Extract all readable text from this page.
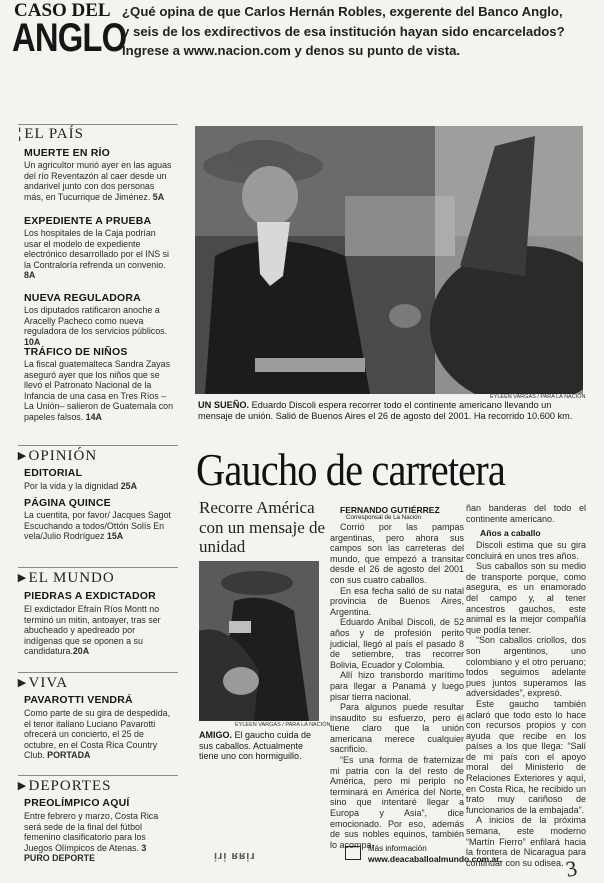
CASO DEL
ANGLO
¿Qué opina de que Carlos Hernán Robles, exgerente del Banco Anglo,
y seis de los exdirectivos de esa institución hayan sido encarcelados?
Ingrese a www.nacion.com y denos su punto de vista.
¦ EL PAÍS
MUERTE EN RÍO
Un agricultor murió ayer en las aguas del río Reventazón al caer desde un andarivel junto con dos personas más, en Tucurrique de Jiménez. 5A
EXPEDIENTE A PRUEBA
Los hospitales de la Caja podrían usar el modelo de expediente electrónico desarrollado por el INS si la Contraloría refrenda un convenio. 8A
NUEVA REGULADORA
Los diputados ratificaron anoche a Aracelly Pacheco como nueva reguladora de los servicios públicos. 10A
TRÁFICO DE NIÑOS
La fiscal guatemalteca Sandra Zayas aseguró ayer que los niños que se llevó el Patronato Nacional de la Infancia de una casa en Tres Ríos –La Unión– salieron de Guatemala con papeles falsos. 14A
▸ OPINIÓN
EDITORIAL
Por la vida y la dignidad 25A
PÁGINA QUINCE
La cuentita, por favor/ Jacques Sagot Escuchando a todos/Ottón Solís En vela/Julio Rodríguez 15A
▸ EL MUNDO
PIEDRAS A EXDICTADOR
El exdictador Efraín Ríos Montt no terminó un mitin, antoayer, tras ser abucheado y apedreado por indígenas que se oponen a su candidatura.20A
▸ VIVA
PAVAROTTI VENDRÁ
Como parte de su gira de despedida, el tenor italiano Luciano Pavarotti ofrecerá un concierto, el 25 de octubre, en el Costa Rica Country Club. PORTADA
▸ DEPORTES
PREOLÍMPICO AQUÍ
Entre febrero y marzo, Costa Rica será sede de la final del fútbol femenino clasificatorio para los Juegos Olímpicos de Atenas. 3 PURO DEPORTE
EYLEEN VARGAS / PARA LA NACIÓN
UN SUEÑO. Eduardo Discoli espera recorrer todo el continente americano llevando un mensaje de unión. Salió de Buenos Aires el 26 de agosto del 2001. Ha recorrido 10.600 km.
Gaucho de carretera
Recorre América con un mensaje de unidad
EYLEEN VARGAS / PARA LA NACIÓN
AMIGO. El gaucho cuida de sus caballos. Actualmente tiene uno con hormiguillo.
FERNANDO GUTIÉRREZ
Corresponsal de La Nación

Corrió por las pampas argentinas, pero ahora sus campos son las carreteras del mundo, que empezó a transitar desde el 26 de agosto del 2001 con sus cuatro caballos.

En esa fecha salió de su natal provincia de Buenos Aires, Argentina.

Eduardo Aníbal Discoli, de 52 años y de profesión perito judicial, llegó al país el pasado 8 de setiembre, tras recorrer Bolivia, Ecuador y Colombia.

Allí hizo transbordo marítimo para llegar a Panamá y luego pisar tierra nacional.

Para algunos puede resultar insaudito su esfuerzo, pero él tiene claro que la unión americana merece cualquier sacrificio.

“Es una forma de fraternizar mi patria con la del resto de América, pero mi periplo no terminará en América del Norte, sino que intentaré llegar a Europa y Asia”, dice emocionado. Por eso, además de sus nobles equinos, también lo acompa-

ñan banderas del todo el continente americano.

Años a caballo

Discoli estima que su gira concluirá en unos tres años.

Sus caballos son su medio de transporte porque, como asegura, es un enamorado del campo y, al tener ancestros gauchos, este animal es la mejor compañía que podía tener.

“Son caballos criollos, dos son argentinos, uno colombiano y el otro peruano; todos seguimos adelante pues juntos superamos las adversidades”, expresó.

Este gaucho también aclaró que todo esto lo hace con recursos propios y con ayuda que recibe en los países a los que llega: “Salí de mi país con el apoyo moral del Ministerio de Relaciones Exteriores y aquí, en Costa Rica, he recibido un trato muy cariñoso de funcionarios de la embajada”.

A inicios de la próxima semana, este moderno “Martín Fierro” enfilará hacia la frontera de Nicaragua para continuar con su odisea.

ᴉɹᴉ ʁʁᴉɹ
Más información
www.deacaballoalmundo.com.ar.	3
